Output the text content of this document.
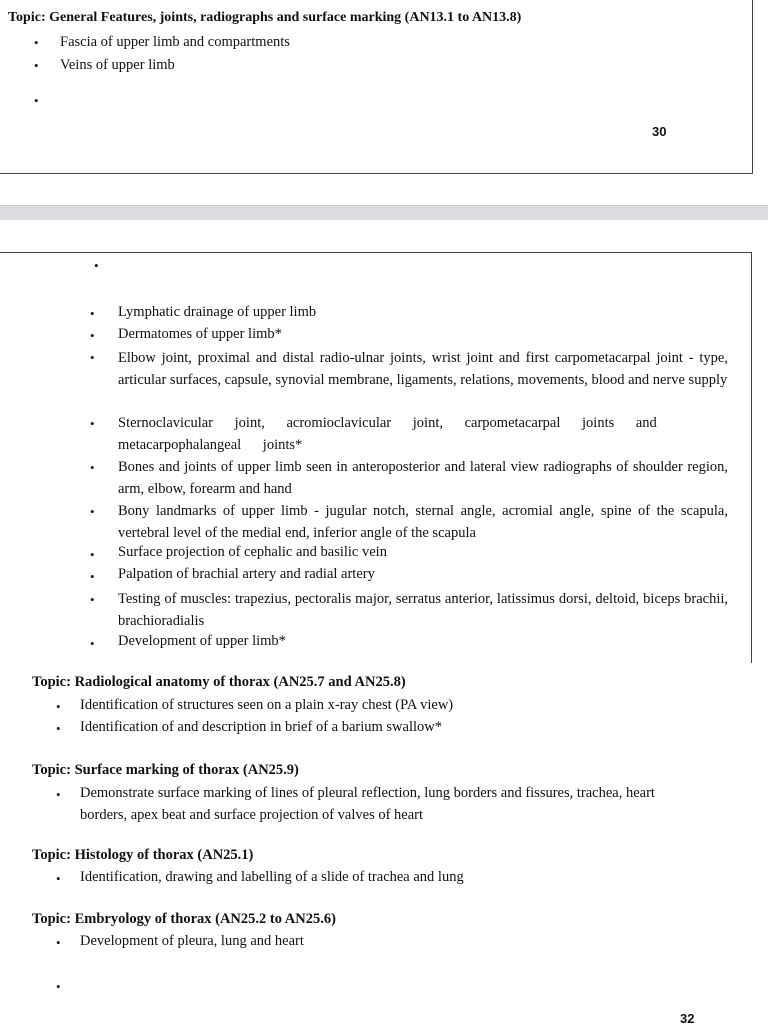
Topic: General Features, joints, radiographs and surface marking (AN13.1 to AN13.8)
• Fascia of upper limb and compartments
• Veins of upper limb
•
30
•
• Lymphatic drainage of upper limb
• Dermatomes of upper limb*
• Elbow joint, proximal and distal radio-ulnar joints, wrist joint and first carpometacarpal joint - type, articular surfaces, capsule, synovial membrane, ligaments, relations, movements, blood and nerve supply
• Sternoclavicular joint, acromioclavicular joint, carpometacarpal joints and metacarpophalangeal joints*
• Bones and joints of upper limb seen in anteroposterior and lateral view radiographs of shoulder region, arm, elbow, forearm and hand
• Bony landmarks of upper limb - jugular notch, sternal angle, acromial angle, spine of the scapula, vertebral level of the medial end, inferior angle of the scapula
• Surface projection of cephalic and basilic vein
• Palpation of brachial artery and radial artery
• Testing of muscles: trapezius, pectoralis major, serratus anterior, latissimus dorsi, deltoid, biceps brachii, brachioradialis
• Development of upper limb*
Topic: Radiological anatomy of thorax (AN25.7 and AN25.8)
• Identification of structures seen on a plain x-ray chest (PA view)
• Identification of and description in brief of a barium swallow*
Topic: Surface marking of thorax (AN25.9)
• Demonstrate surface marking of lines of pleural reflection, lung borders and fissures, trachea, heart borders, apex beat and surface projection of valves of heart
Topic: Histology of thorax (AN25.1)
• Identification, drawing and labelling of a slide of trachea and lung
Topic: Embryology of thorax (AN25.2 to AN25.6)
• Development of pleura, lung and heart
•
32
